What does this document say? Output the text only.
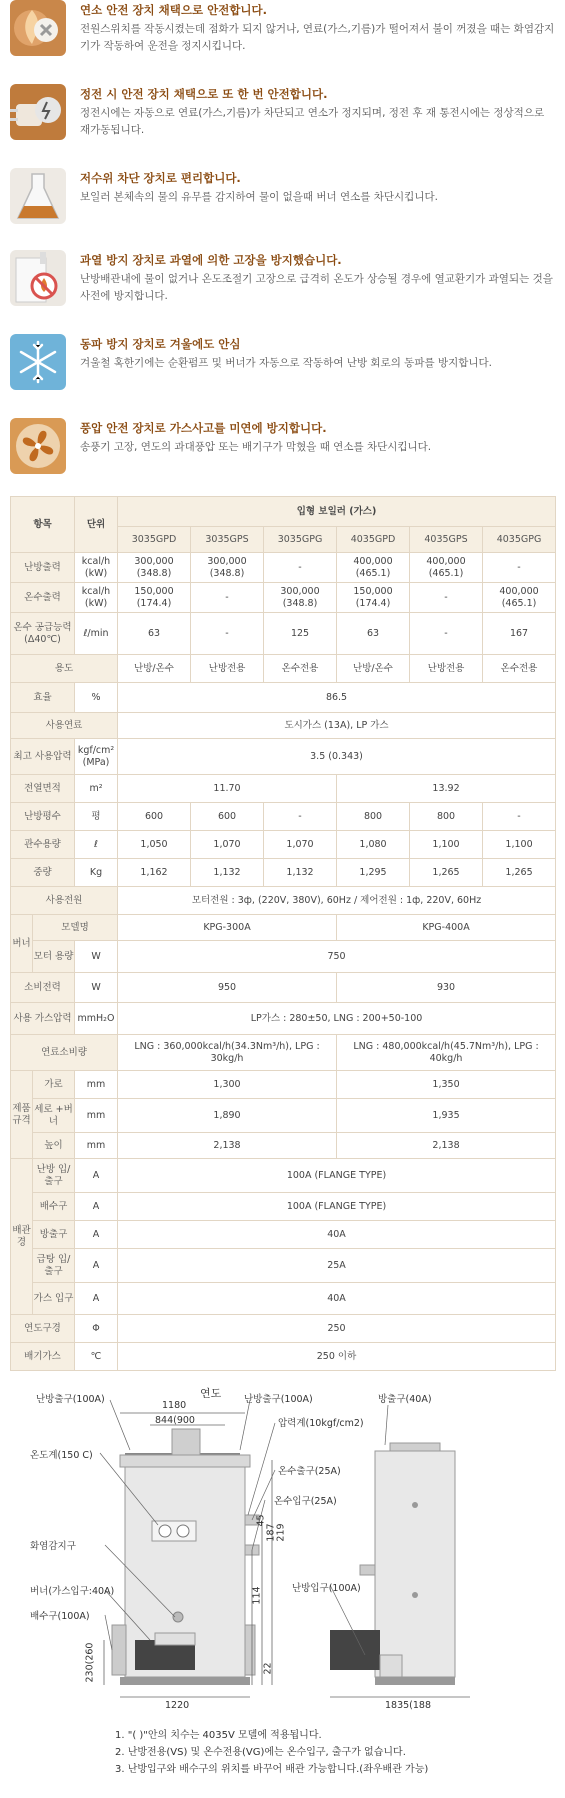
연소 안전 장치 채택으로 안전합니다.
전원스위치를 작동시켰는데 점화가 되지 않거나, 연료(가스,기름)가 떨어져서 불이 꺼졌을 때는 화염감지기가 작동하여 운전을 정지시킵니다.
정전 시 안전 장치 채택으로 또 한 번 안전합니다.
정전시에는 자동으로 연료(가스,기름)가 차단되고 연소가 정지되며, 정전 후 재 통전시에는 정상적으로 재가동됩니다.
저수위 차단 장치로 편리합니다.
보일러 본체속의 물의 유무를 감지하여 물이 없을때 버너 연소를 차단시킵니다.
과열 방지 장치로 과열에 의한 고장을 방지했습니다.
난방배관내에 물이 없거나 온도조절기 고장으로 급격히 온도가 상승될 경우에 열교환기가 과열되는 것을 사전에 방지합니다.
동파 방지 장치로 겨울에도 안심
겨울철 혹한기에는 순환펌프 및 버너가 자동으로 작동하여 난방 회로의 동파를 방지합니다.
풍압 안전 장치로 가스사고를 미연에 방지합니다.
송풍기 고장, 연도의 과대풍압 또는 배기구가 막혔을 때 연소를 차단시킵니다.
항목		단위	입형 보일러 (가스)					
			3035GPD	3035GPS	3035GPG	4035GPD	4035GPS	4035GPG
난방출력		kcal/h (kW)	300,000 (348.8)	300,000 (348.8)	-	400,000 (465.1)	400,000 (465.1)	-
온수출력		kcal/h (kW)	150,000 (174.4)	-	300,000 (348.8)	150,000 (174.4)	-	400,000 (465.1)
온수 공급능력 (Δ40℃)		ℓ/min	63	-	125	63	-	167
용도			난방/온수	난방전용	온수전용	난방/온수	난방전용	온수전용
효율		%	86.5					
사용연료			도시가스 (13A), LP 가스					
최고 사용압력		kgf/cm² (MPa)	3.5 (0.343)					
전열면적		m²	11.70			13.92		
난방평수		평	600	600	-	800	800	-
관수용량		ℓ	1,050	1,070	1,070	1,080	1,100	1,100
중량		Kg	1,162	1,132	1,132	1,295	1,265	1,265
사용전원			모터전원 : 3ф, (220V, 380V), 60Hz / 제어전원 : 1ф, 220V, 60Hz					
버너	모델명		KPG-300A			KPG-400A		
	모터 용량	W	750					
소비전력		W	950			930		
사용 가스압력		mmH₂O	LP가스 : 280±50, LNG : 200+50-100					
연료소비량			LNG : 360,000kcal/h(34.3Nm³/h), LPG : 30kg/h			LNG : 480,000kcal/h(45.7Nm³/h), LPG : 40kg/h		
제품 규격	가로	mm	1,300			1,350		
	세로 +버너	mm	1,890			1,935		
	높이	mm	2,138			2,138		
배관경	난방 입/출구	A	100A (FLANGE TYPE)					
	배수구	A	100A (FLANGE TYPE)					
	방출구	A	40A					
	급탕 입/출구	A	25A					
	가스 입구	A	40A					
연도구경		Φ	250					
배기가스		℃	250 이하					
연도
1180
844(900
난방출구(100A)	난방출구(100A)	방출구(40A)
압력계(10kgf/cm2)
온도계(150 C)
온수출구(25A)
온수입구(25A)
화염감지구
버너(가스입구:40A)
배수구(100A)
난방입구(100A)
45
187 219
114
22
230(260
1220	1835(188
1. "( )"안의 치수는 4035V 모델에 적용됩니다.
2. 난방전용(VS) 및 온수전용(VG)에는 온수입구, 출구가 없습니다.
3. 난방입구와 배수구의 위치를 바꾸어 배관 가능합니다.(좌우배관 가능)
